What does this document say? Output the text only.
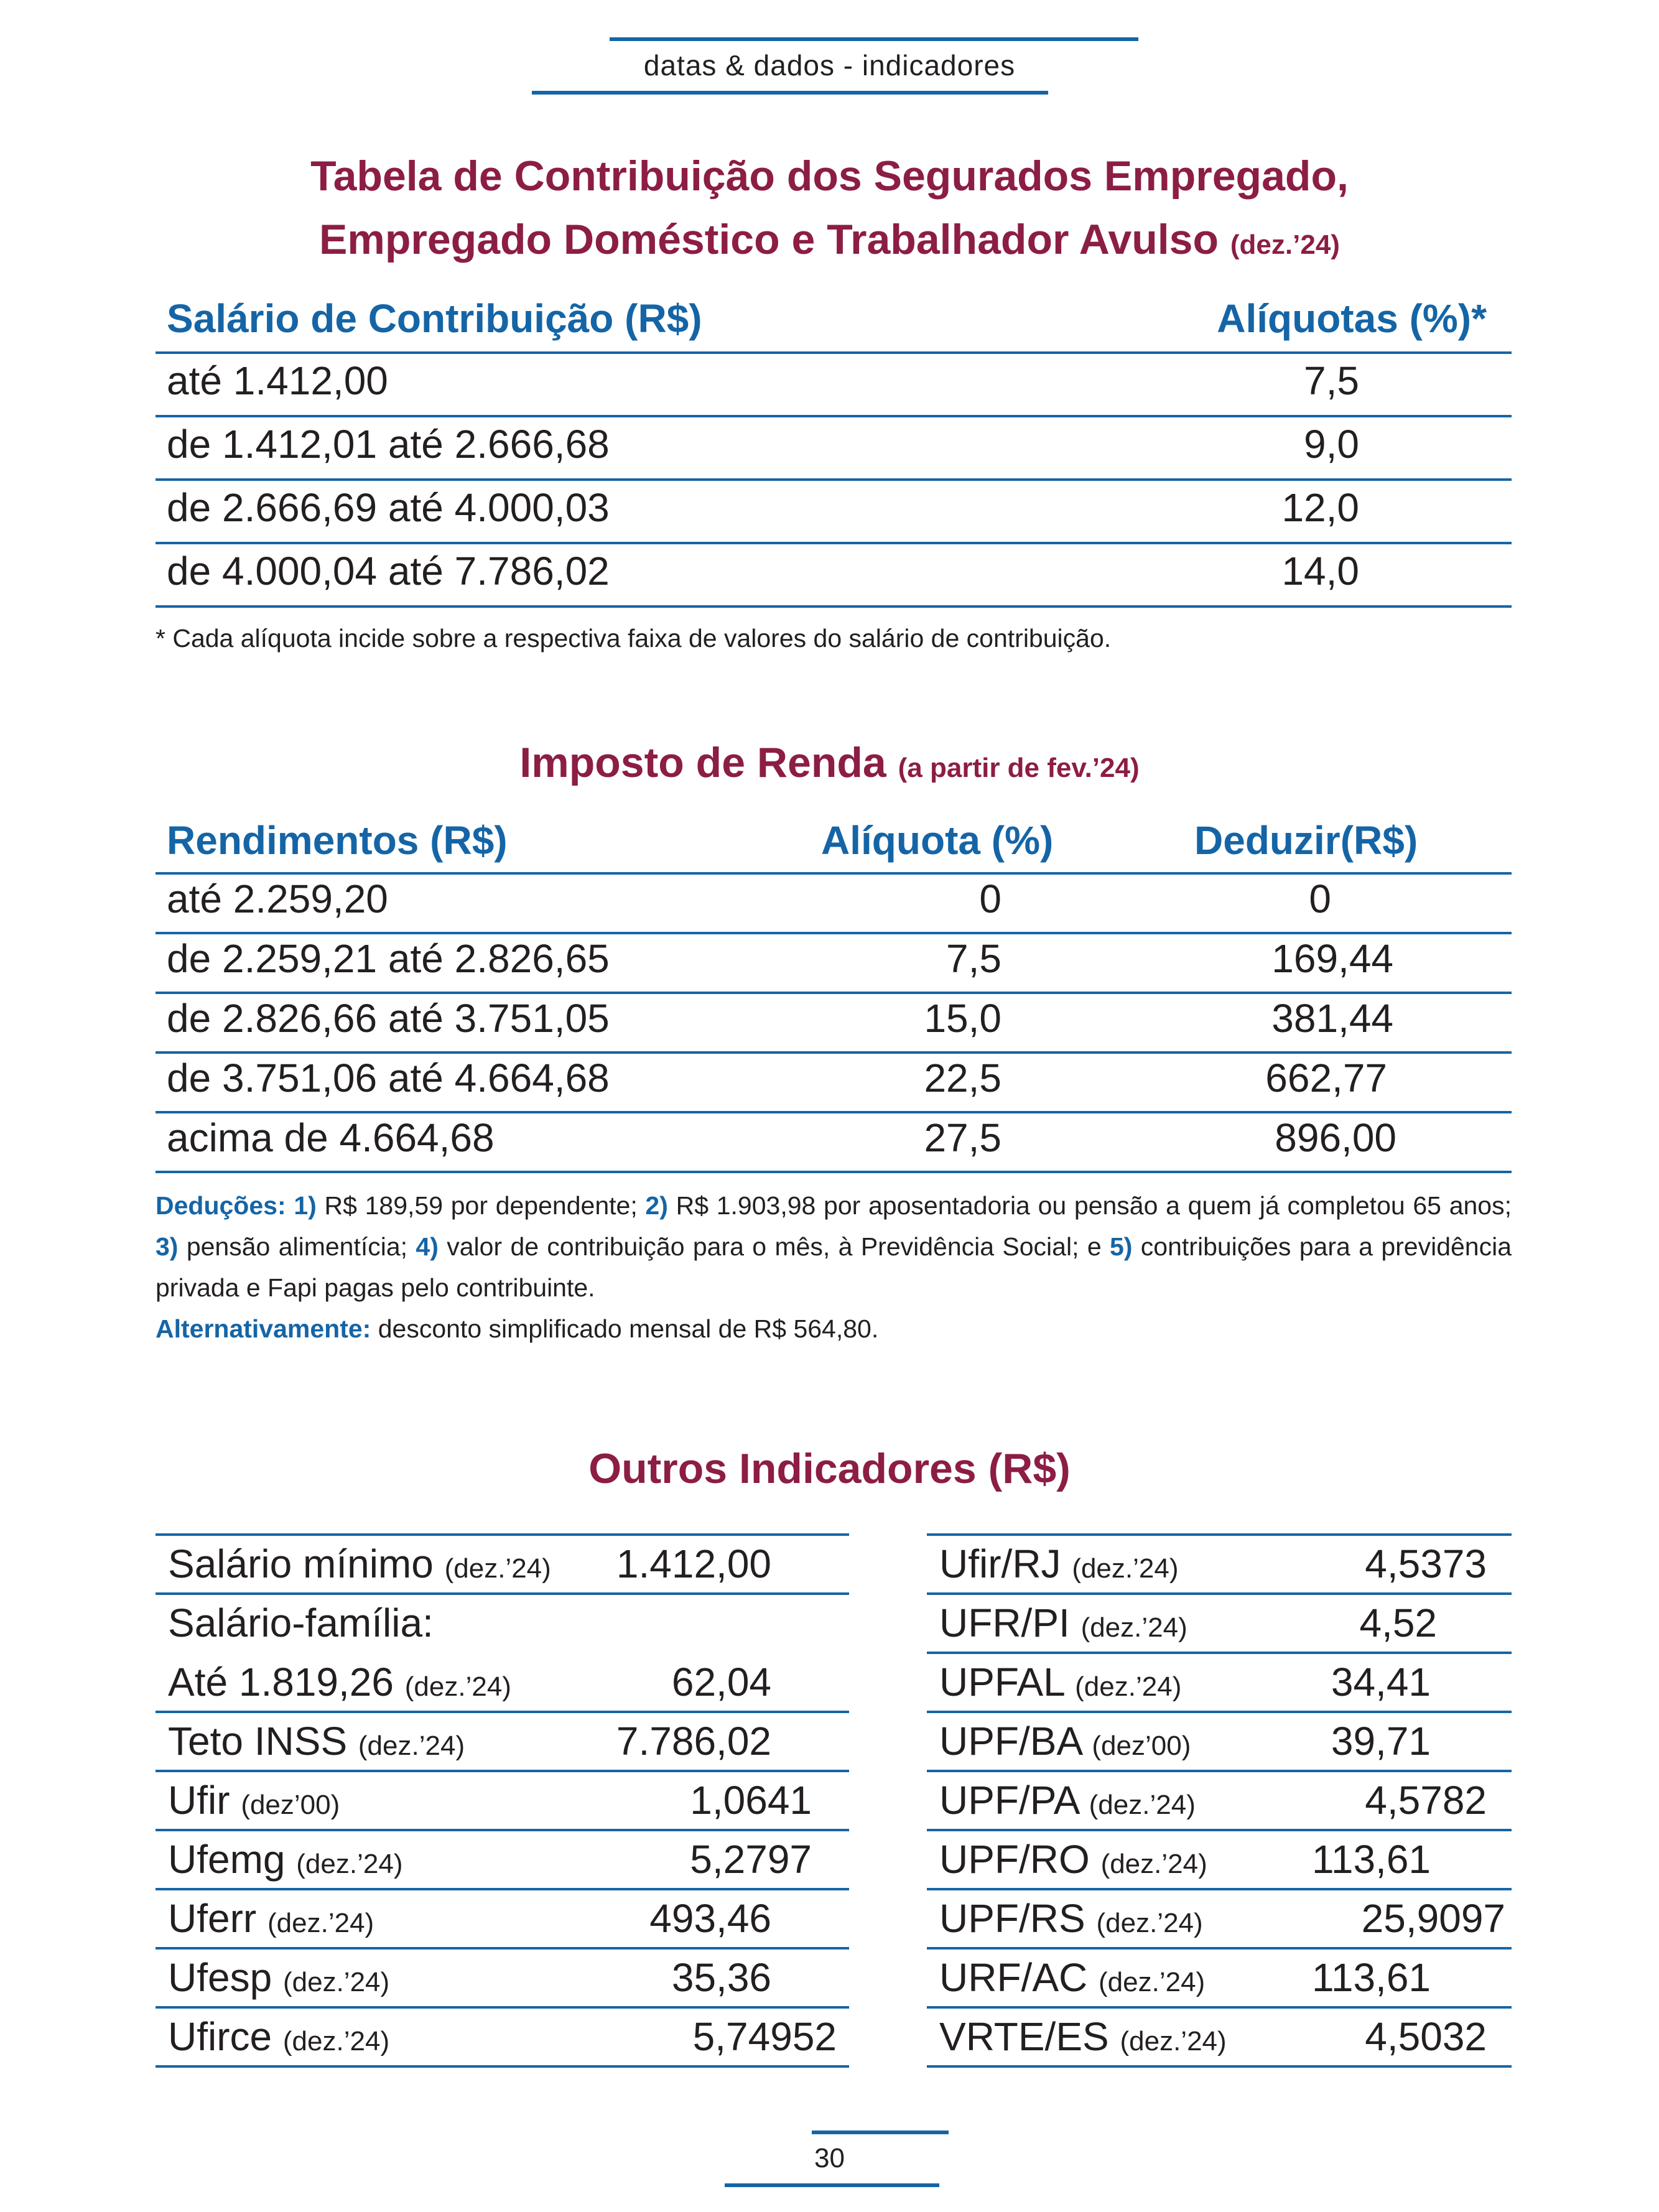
datas & dados - indicadores
Tabela de Contribuição dos Segurados Empregado,
Empregado Doméstico e Trabalhador Avulso (dez.’24)
Salário de Contribuição (R$)	Alíquotas (%)*
até 1.412,00	7,5
de 1.412,01 até 2.666,68	9,0
de 2.666,69 até 4.000,03	12,0
de 4.000,04 até 7.786,02	14,0
* Cada alíquota incide sobre a respectiva faixa de valores do salário de contribuição.
Imposto de Renda (a partir de fev.’24)
Rendimentos (R$)	Alíquota (%)	Deduzir(R$)
até 2.259,20	0	0
de 2.259,21 até 2.826,65	7,5	169,44
de 2.826,66 até 3.751,05	15,0	381,44
de 3.751,06 até 4.664,68	22,5	662,77
acima de 4.664,68	27,5	896,00
Deduções: 1) R$ 189,59 por dependente; 2) R$ 1.903,98 por aposentadoria ou pensão a quem já completou 65 anos; 3) pensão alimentícia; 4) valor de contribuição para o mês, à Previdência Social; e 5) contribuições para a previdência privada e Fapi pagas pelo contribuinte.
Alternativamente: desconto simplificado mensal de R$ 564,80.
Outros Indicadores (R$)
Salário mínimo (dez.’24) 1.412,00
Salário-família:
Até 1.819,26 (dez.’24)	62,04
Teto INSS (dez.’24)	7.786,02
Ufir (dez’00)	1,0641
Ufemg (dez.’24)	5,2797
Uferr (dez.’24)	493,46
Ufesp (dez.’24)	35,36
Ufirce (dez.’24)	5,74952
Ufir/RJ (dez.’24)	4,5373
UFR/PI (dez.’24)	4,52
UPFAL (dez.’24)	34,41
UPF/BA (dez’00)	39,71
UPF/PA (dez.’24)	4,5782
UPF/RO (dez.’24)	113,61
UPF/RS (dez.’24)	25,9097
URF/AC (dez.’24)	113,61
VRTE/ES (dez.’24)	4,5032
30
